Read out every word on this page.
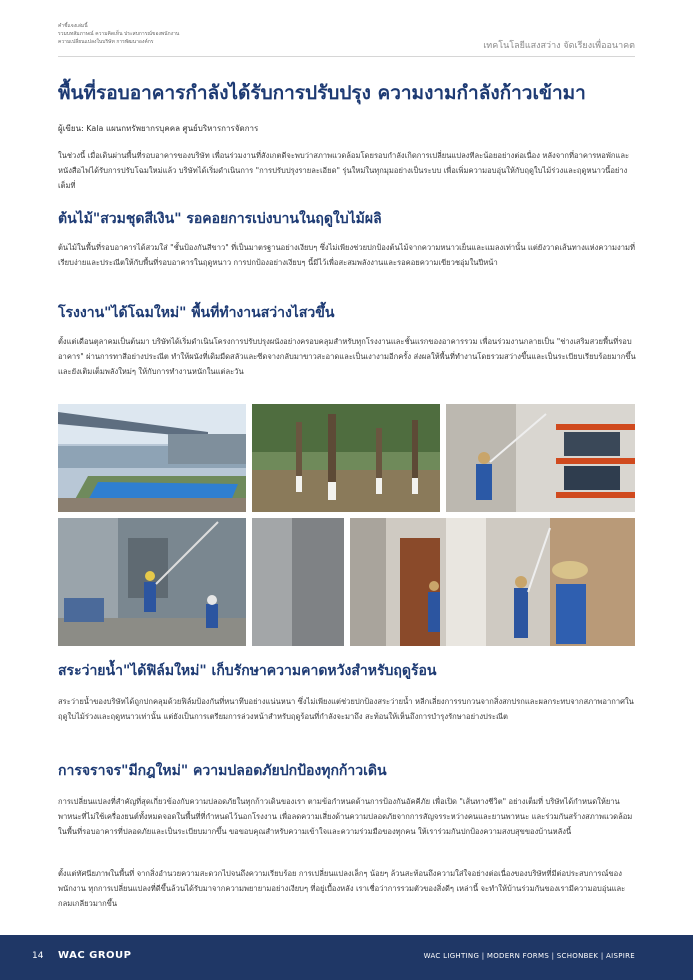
คำชี้แจงเล่มนี้
รวมบทสัมภาษณ์ ความคิดเห็น ประสบการณ์ของพนักงาน
ความเปลี่ยนแปลงในบริษัท การพัฒนาองค์กร	เทคโนโลยีแสงสว่าง จัดเรียงเพื่ออนาคต
พื้นที่รอบอาคารกำลังได้รับการปรับปรุง ความงามกำลังก้าวเข้ามา
ผู้เขียน: Kala แผนกทรัพยากรบุคคล ศูนย์บริหารการจัดการ
ในช่วงนี้ เมื่อเดินผ่านพื้นที่รอบอาคารของบริษัท เพื่อนร่วมงานที่สังเกตดีจะพบว่าสภาพแวดล้อมโดยรอบกำลังเกิดการเปลี่ยนแปลงทีละน้อยอย่างต่อเนื่อง หลังจากที่อาคารหอพักและหนังสือไฟได้รับการปรับโฉมใหม่แล้ว บริษัทได้เริ่มดำเนินการ "การปรับปรุงรายละเอียด" รุ่นใหม่ในทุกมุมอย่างเป็นระบบ เพื่อเพิ่มความอบอุ่นให้กับฤดูใบไม้ร่วงและฤดูหนาวนี้อย่างเต็มที่
ต้นไม้"สวมชุดสีเงิน" รอคอยการเบ่งบานในฤดูใบไม้ผลิ
ต้นไม้ในพื้นที่รอบอาคารได้สวมใส่ "ชั้นป้องกันสีขาว" ที่เป็นมาตรฐานอย่างเงียบๆ ซึ่งไม่เพียงช่วยปกป้องต้นไม้จากความหนาวเย็นและแมลงเท่านั้น แต่ยังวาดเส้นทางแห่งความงามที่เรียบง่ายและประณีตให้กับพื้นที่รอบอาคารในฤดูหนาว การปกป้องอย่างเงียบๆ นี้มีไว้เพื่อสะสมพลังงานและรอคอยความเขียวชอุ่มในปีหน้า
โรงงาน"ได้โฉมใหม่" พื้นที่ทำงานสว่างไสวขึ้น
ตั้งแต่เดือนตุลาคมเป็นต้นมา บริษัทได้เริ่มดำเนินโครงการปรับปรุงผนังอย่างครอบคลุมสำหรับทุกโรงงานและชั้นแรกของอาคารรวม เพื่อนร่วมงานกลายเป็น "ช่างเสริมสวยพื้นที่รอบอาคาร" ผ่านการทาสีอย่างประณีต ทำให้ผนังที่เดิมมืดสลัวและซีดจางกลับมาขาวสะอาดและเป็นเงางามอีกครั้ง ส่งผลให้พื้นที่ทำงานโดยรวมสว่างขึ้นและเป็นระเบียบเรียบร้อยมากขึ้น และยังเติมเต็มพลังใหม่ๆ ให้กับการทำงานหนักในแต่ละวัน
สระว่ายน้ำ"ได้ฟิล์มใหม่" เก็บรักษาความคาดหวังสำหรับฤดูร้อน
สระว่ายน้ำของบริษัทได้ถูกปกคลุมด้วยฟิล์มป้องกันที่หนาทึบอย่างแน่นหนา ซึ่งไม่เพียงแต่ช่วยปกป้องสระว่ายน้ำ หลีกเลี่ยงการรบกวนจากสิ่งสกปรกและผลกระทบจากสภาพอากาศในฤดูใบไม้ร่วงและฤดูหนาวเท่านั้น แต่ยังเป็นการเตรียมการล่วงหน้าสำหรับฤดูร้อนที่กำลังจะมาถึง สะท้อนให้เห็นถึงการบำรุงรักษาอย่างประณีต
การจราจร"มีกฎใหม่" ความปลอดภัยปกป้องทุกก้าวเดิน
การเปลี่ยนแปลงที่สำคัญที่สุดเกี่ยวข้องกับความปลอดภัยในทุกก้าวเดินของเรา ตามข้อกำหนดด้านการป้องกันอัคคีภัย เพื่อเปิด "เส้นทางชีวิต" อย่างเต็มที่ บริษัทได้กำหนดให้ยานพาหนะที่ไม่ใช้เครื่องยนต์ทั้งหมดจอดในพื้นที่ที่กำหนดไว้นอกโรงงาน เพื่อลดความเสี่ยงด้านความปลอดภัยจากการสัญจรระหว่างคนและยานพาหนะ และร่วมกันสร้างสภาพแวดล้อมในพื้นที่รอบอาคารที่ปลอดภัยและเป็นระเบียบมากขึ้น ขอขอบคุณสำหรับความเข้าใจและความร่วมมือของทุกคน ให้เราร่วมกันปกป้องความสงบสุขของบ้านหลังนี้
ตั้งแต่ทัศนียภาพในพื้นที่ จากสิ่งอำนวยความสะดวกไปจนถึงความเรียบร้อย การเปลี่ยนแปลงเล็กๆ น้อยๆ ล้วนสะท้อนถึงความใส่ใจอย่างต่อเนื่องของบริษัทที่มีต่อประสบการณ์ของพนักงาน ทุกการเปลี่ยนแปลงที่ดีขึ้นล้วนได้รับมาจากความพยายามอย่างเงียบๆ ที่อยู่เบื้องหลัง เราเชื่อว่าการรวมตัวของสิ่งดีๆ เหล่านี้ จะทำให้บ้านร่วมกันของเรามีความอบอุ่นและกลมเกลียวมากขึ้น
14 WAC GROUP	WAC LIGHTING | MODERN FORMS | SCHONBEK | AISPIRE
